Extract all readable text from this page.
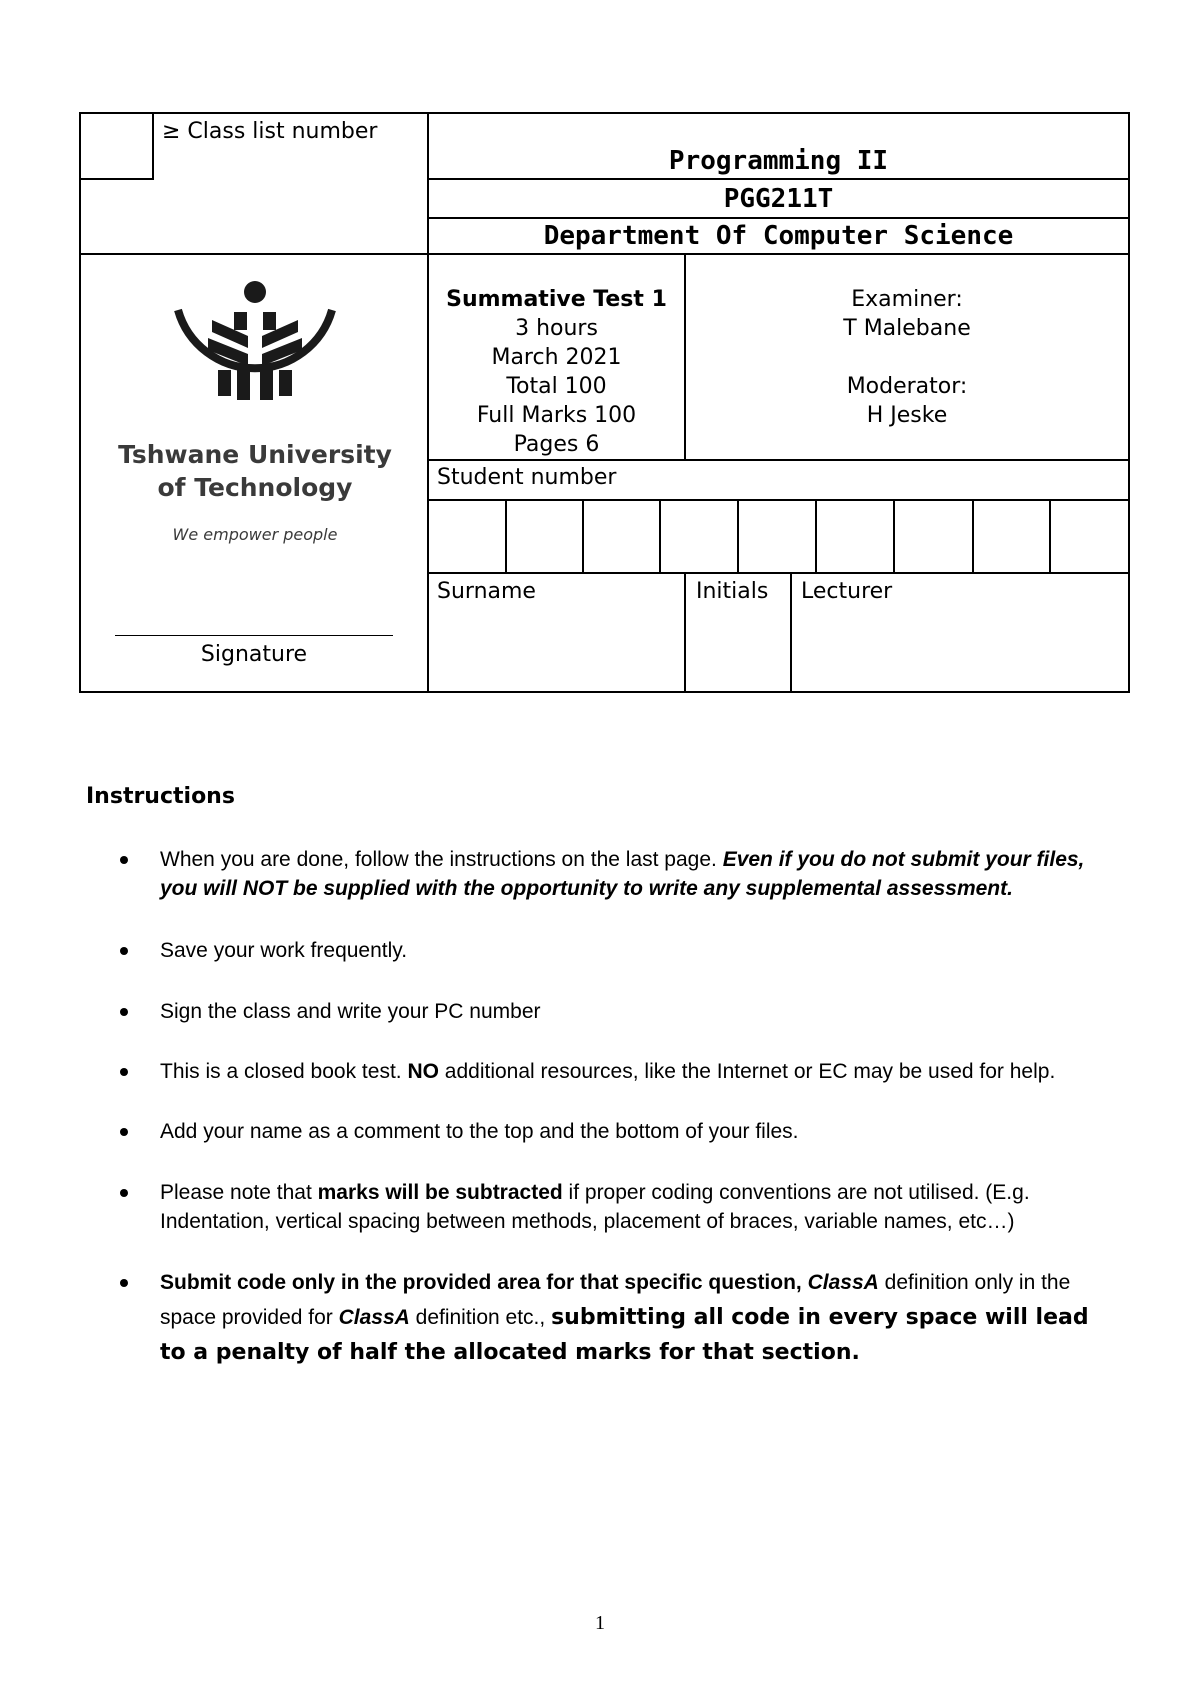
≥ Class list number
Programming II
PGG211T
Department Of Computer Science
Tshwane University
of Technology
We empower people
Signature
Summative Test 1
3 hours
March 2021
Total 100
Full Marks 100
Pages 6
Examiner:
T Malebane
Moderator:
H Jeske
Student number
Surname	Initials Lecturer
Instructions
When you are done, follow the instructions on the last page. Even if you do not submit your files, you will NOT be supplied with the opportunity to write any supplemental assessment.
Save your work frequently.
Sign the class and write your PC number
This is a closed book test. NO additional resources, like the Internet or EC may be used for help.
Add your name as a comment to the top and the bottom of your files.
Please note that marks will be subtracted if proper coding conventions are not utilised. (E.g. Indentation, vertical spacing between methods, placement of braces, variable names, etc…)
Submit code only in the provided area for that specific question, ClassA definition only in the space provided for ClassA definition etc., submitting all code in every space will lead to a penalty of half the allocated marks for that section.
1
